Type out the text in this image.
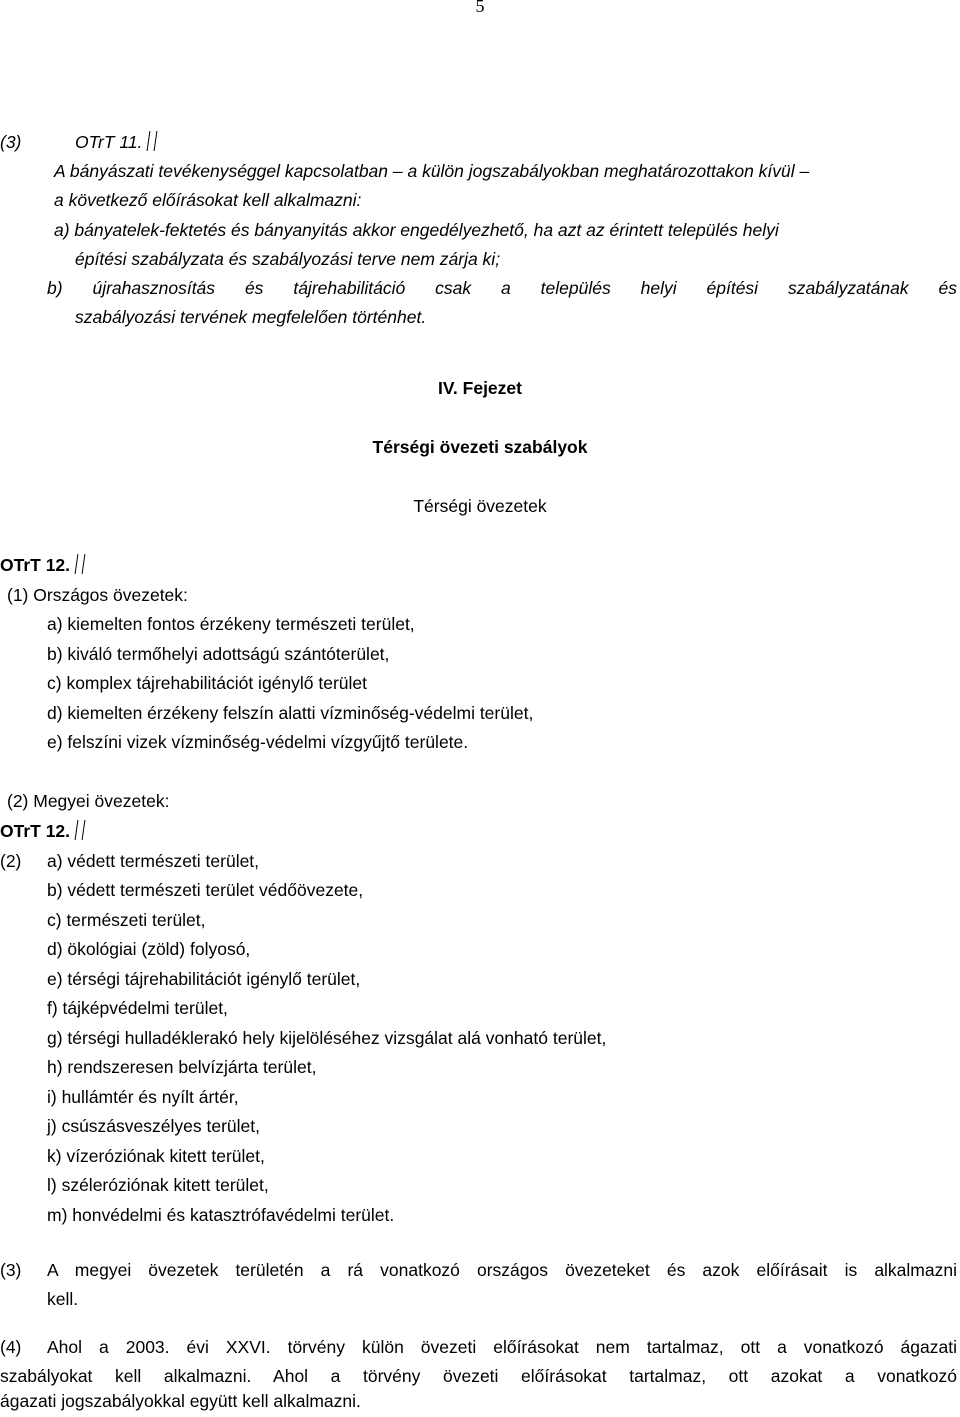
5
(3)	OTrT 11.
A bányászati tevékenységgel kapcsolatban – a külön jogszabályokban meghatározottakon kívül –
a következő előírásokat kell alkalmazni:
a) bányatelek-fektetés és bányanyitás akkor engedélyezhető, ha azt az érintett település helyi
építési szabályzata és szabályozási terve nem zárja ki;
b) újrahasznosítás és tájrehabilitáció csak a település helyi építési szabályzatának és
szabályozási tervének megfelelően történhet.
IV. Fejezet
Térségi övezeti szabályok
Térségi övezetek
OTrT 12.
(1) Országos övezetek:
a) kiemelten fontos érzékeny természeti terület,
b) kiváló termőhelyi adottságú szántóterület,
c) komplex tájrehabilitációt igénylő terület
d) kiemelten érzékeny felszín alatti vízminőség-védelmi terület,
e) felszíni vizek vízminőség-védelmi vízgyűjtő területe.
(2) Megyei övezetek:
OTrT 12.
(2) a) védett természeti terület,
b) védett természeti terület védőövezete,
c) természeti terület,
d) ökológiai (zöld) folyosó,
e) térségi tájrehabilitációt igénylő terület,
f) tájképvédelmi terület,
g) térségi hulladéklerakó hely kijelöléséhez vizsgálat alá vonható terület,
h) rendszeresen belvízjárta terület,
i) hullámtér és nyílt ártér,
j) csúszásveszélyes terület,
k) vízeróziónak kitett terület,
l) széleróziónak kitett terület,
m) honvédelmi és katasztrófavédelmi terület.
(3) A megyei övezetek területén a rá vonatkozó országos övezeteket és azok előírásait is alkalmazni
kell.
(4) Ahol a 2003. évi XXVI. törvény külön övezeti előírásokat nem tartalmaz, ott a vonatkozó ágazati
szabályokat kell alkalmazni. Ahol a törvény övezeti előírásokat tartalmaz, ott azokat a vonatkozó
ágazati jogszabályokkal együtt kell alkalmazni.
